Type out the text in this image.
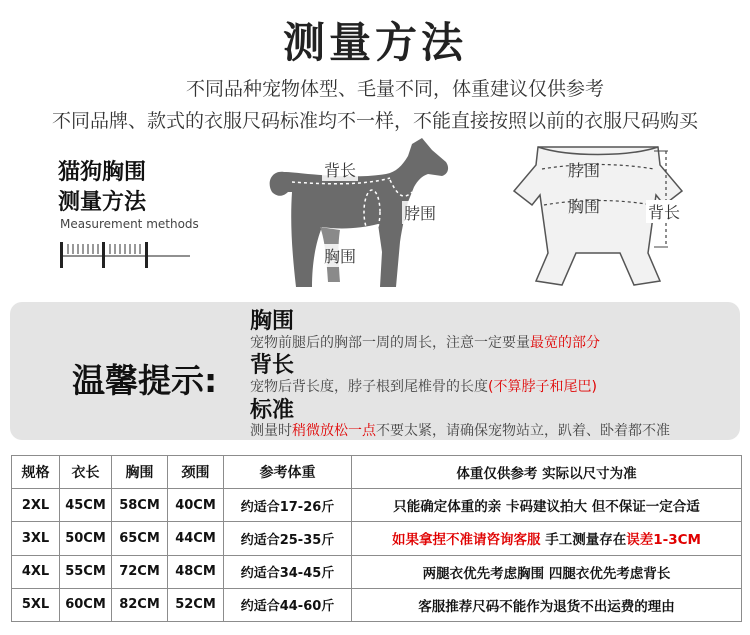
测量方法
不同品种宠物体型、毛量不同，体重建议仅供参考
不同品牌、款式的衣服尺码标准均不一样，不能直接按照以前的衣服尺码购买
猫狗胸围
测量方法
Measurement methods
背长
脖围
胸围
脖围
胸围	背长
温馨提示:
胸围
宠物前腿后的胸部一周的周长，注意一定要量最宽的部分
背长
宠物后背长度，脖子根到尾椎骨的长度(不算脖子和尾巴)
标准
测量时稍微放松一点不要太紧，请确保宠物站立，趴着、卧着都不准
规格	衣长	胸围	颈围	参考体重	体重仅供参考 实际以尺寸为准
2XL	45CM	58CM	40CM	约适合17-26斤	只能确定体重的亲 卡码建议拍大 但不保证一定合适
3XL	50CM	65CM	44CM	约适合25-35斤	如果拿捏不准请咨询客服 手工测量存在误差1-3CM
4XL	55CM	72CM	48CM	约适合34-45斤	两腿衣优先考虑胸围 四腿衣优先考虑背长
5XL	60CM	82CM	52CM	约适合44-60斤	客服推荐尺码不能作为退货不出运费的理由
